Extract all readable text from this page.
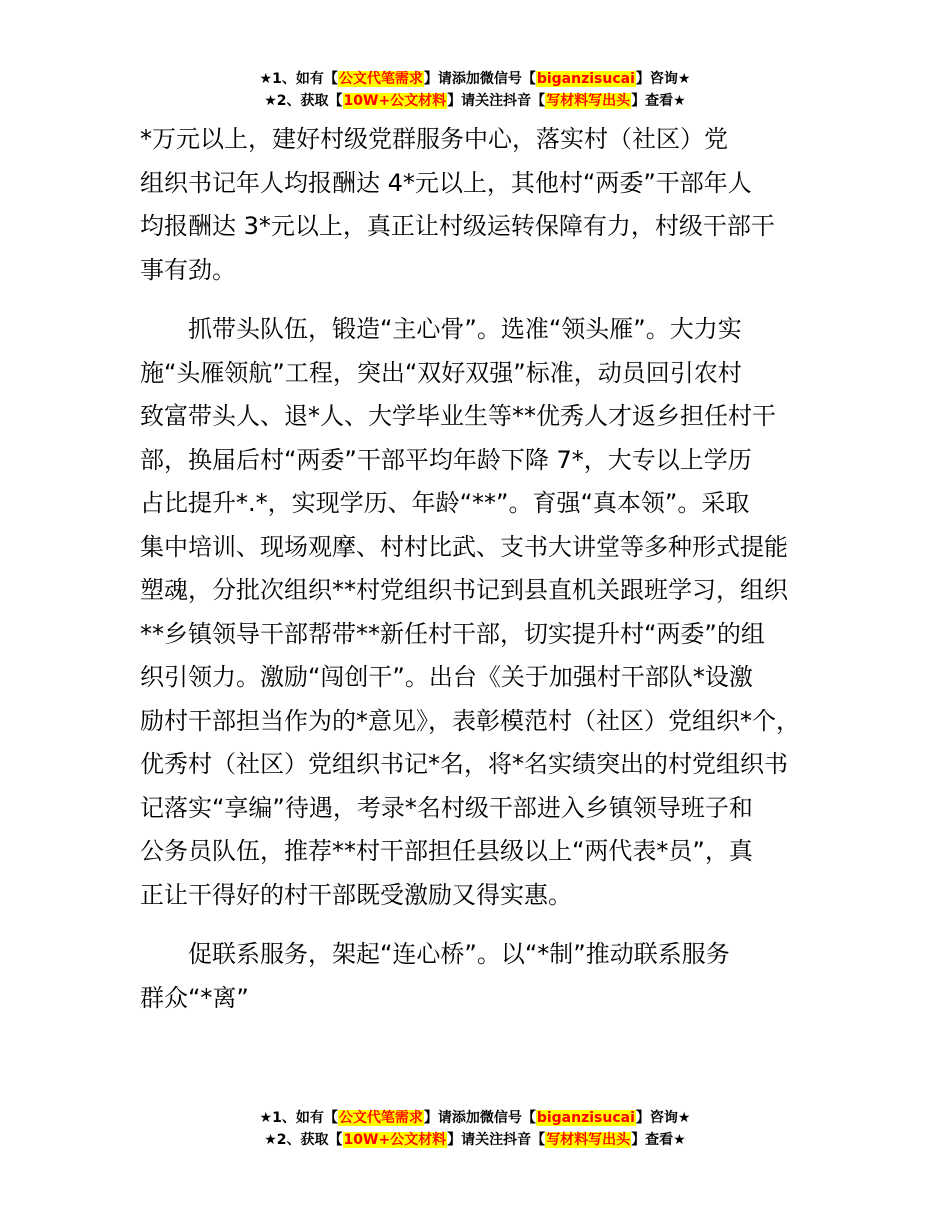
★1、如有【公文代笔需求】请添加微信号【biganzisucai】咨询★
★2、获取【10W+公文材料】请关注抖音【写材料写出头】查看★

*万元以上，建好村级党群服务中心，落实村（社区）党
组织书记年人均报酬达 4*元以上，其他村“两委”干部年人
均报酬达 3*元以上，真正让村级运转保障有力，村级干部干
事有劲。

抓带头队伍，锻造“主心骨”。选准“领头雁”。大力实
施“头雁领航”工程，突出“双好双强”标准，动员回引农村
致富带头人、退*人、大学毕业生等**优秀人才返乡担任村干
部，换届后村“两委”干部平均年龄下降 7*，大专以上学历
占比提升*.*，实现学历、年龄“**”。育强“真本领”。采取
集中培训、现场观摩、村村比武、支书大讲堂等多种形式提能
塑魂，分批次组织**村党组织书记到县直机关跟班学习，组织
**乡镇领导干部帮带**新任村干部，切实提升村“两委”的组
织引领力。激励“闯创干”。出台《关于加强村干部队*设激
励村干部担当作为的*意见》，表彰模范村（社区）党组织*个，
优秀村（社区）党组织书记*名，将*名实绩突出的村党组织书
记落实“享编”待遇，考录*名村级干部进入乡镇领导班子和
公务员队伍，推荐**村干部担任县级以上“两代表*员”，真
正让干得好的村干部既受激励又得实惠。

促联系服务，架起“连心桥”。以“*制”推动联系服务
群众“*离”

★1、如有【公文代笔需求】请添加微信号【biganzisucai】咨询★
★2、获取【10W+公文材料】请关注抖音【写材料写出头】查看★
